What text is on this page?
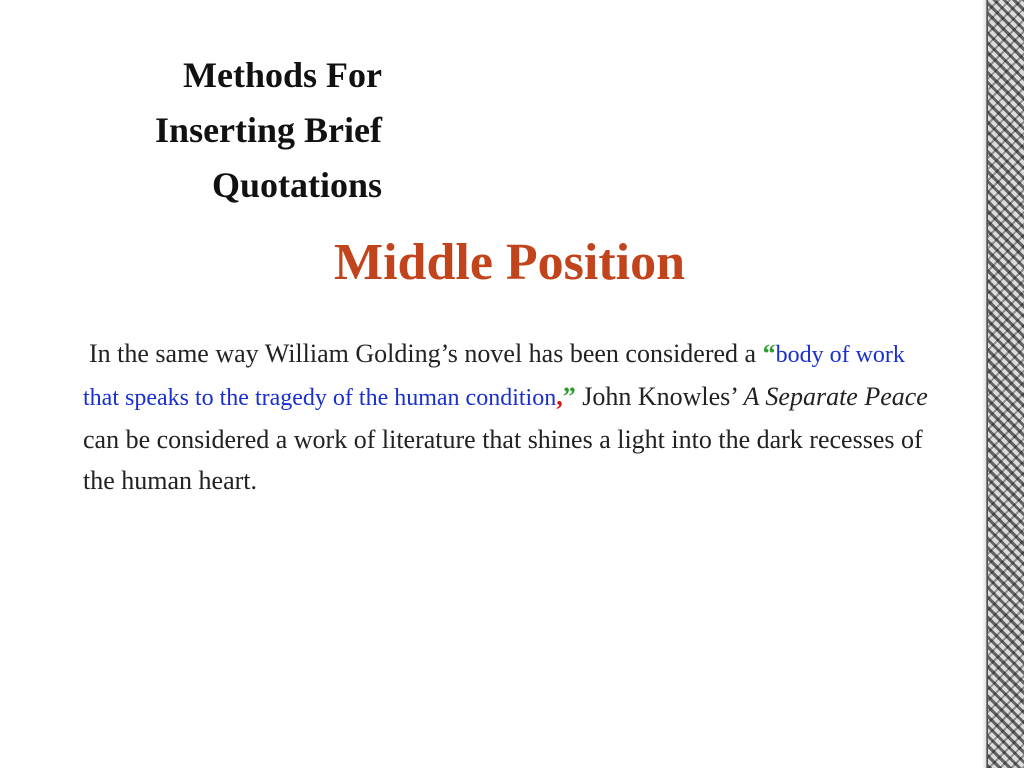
Methods For
Inserting Brief
Quotations
Middle Position

In the same way William Golding’s novel has been considered a “body of work that speaks to the tragedy of the human condition,” John Knowles’ A Separate Peace can be considered a work of literature that shines a light into the dark recesses of the human heart.
